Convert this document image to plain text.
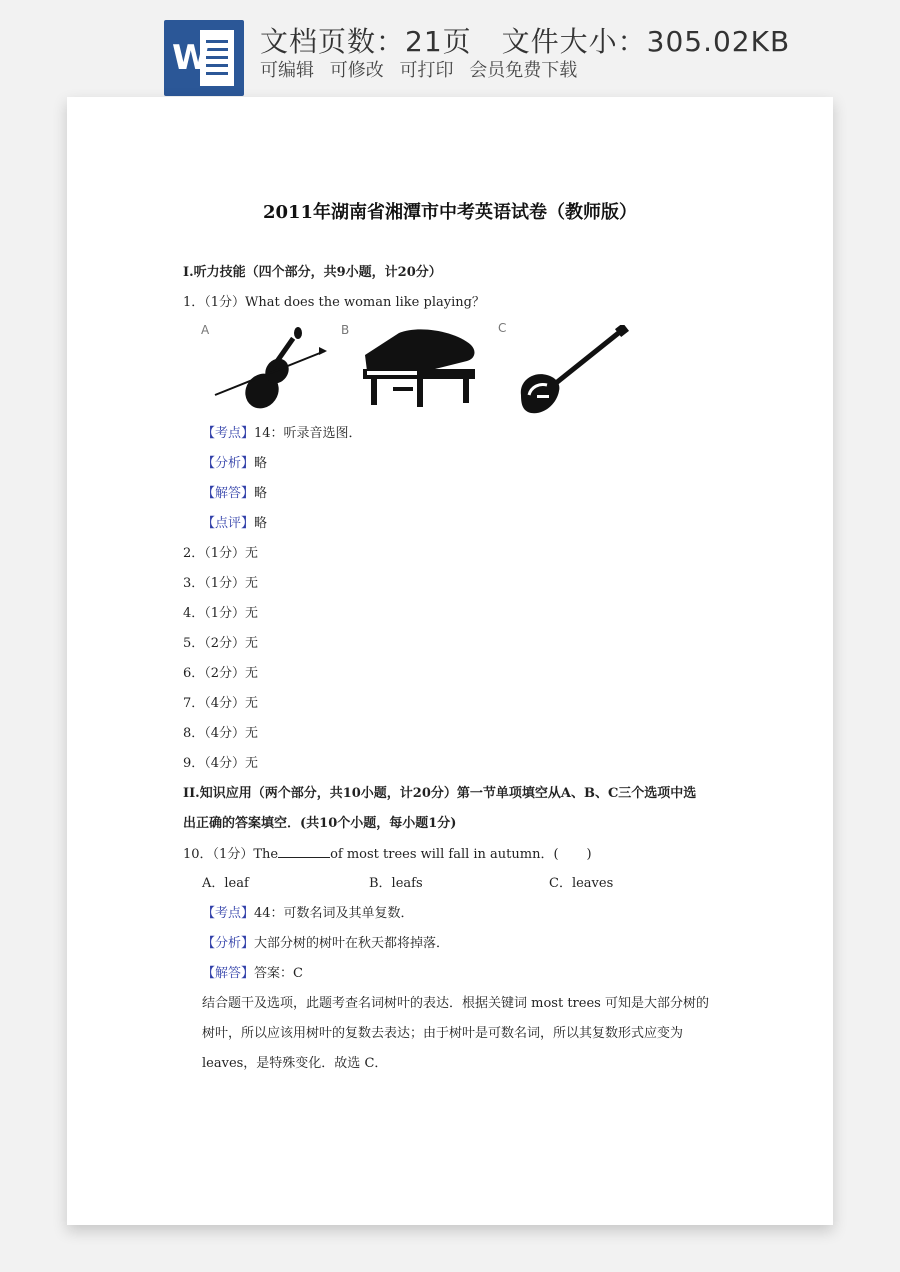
W 文档页数：21页 文件大小：305.02KB
可编辑 可修改 可打印 会员免费下载
2011年湖南省湘潭市中考英语试卷（教师版）
I.听力技能（四个部分，共9小题，计20分）
1．（1分）What does the woman like playing？
A	B	C
【考点】14：听录音选图．
【分析】略
【解答】略
【点评】略
2．（1分）无
3．（1分）无
4．（1分）无
5．（2分）无
6．（2分）无
7．（4分）无
8．（4分）无
9．（4分）无
II.知识应用（两个部分，共10小题，计20分）第一节单项填空从A、B、C三个选项中选
出正确的答案填空．(共10个小题，每小题1分)
10．（1分）The	of most trees will fall in autumn．( )
A．leaf	B．leafs	C．leaves
【考点】44：可数名词及其单复数．
【分析】大部分树的树叶在秋天都将掉落．
【解答】答案：C
结合题干及选项，此题考查名词树叶的表达．根据关键词 most trees 可知是大部分树的
树叶，所以应该用树叶的复数去表达；由于树叶是可数名词，所以其复数形式应变为
leaves，是特殊变化．故选 C．
